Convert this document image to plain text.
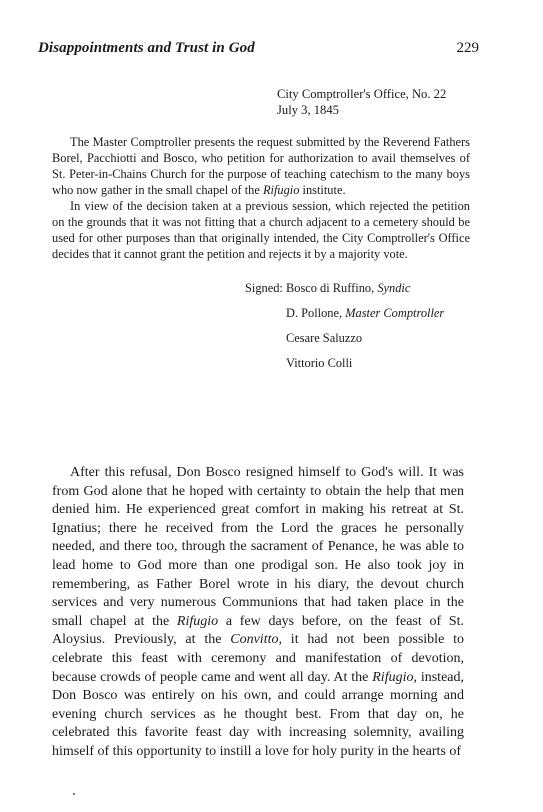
Disappointments and Trust in God	229
City Comptroller's Office, No. 22
July 3, 1845

The Master Comptroller presents the request submitted by the Reverend Fathers Borel, Pacchiotti and Bosco, who petition for authorization to avail themselves of St. Peter-in-Chains Church for the purpose of teaching catechism to the many boys who now gather in the small chapel of the Rifugio institute.

In view of the decision taken at a previous session, which rejected the petition on the grounds that it was not fitting that a church adjacent to a cemetery should be used for other purposes than that originally intended, the City Comptroller's Office decides that it cannot grant the petition and rejects it by a majority vote.

Signed: Bosco di Ruffino, Syndic
D. Pollone, Master Comptroller
Cesare Saluzzo
Vittorio Colli

After this refusal, Don Bosco resigned himself to God's will. It was from God alone that he hoped with certainty to obtain the help that men denied him. He experienced great comfort in making his retreat at St. Ignatius; there he received from the Lord the graces he personally needed, and there too, through the sacrament of Penance, he was able to lead home to God more than one prodigal son. He also took joy in remembering, as Father Borel wrote in his diary, the devout church services and very numerous Communions that had taken place in the small chapel at the Rifugio a few days before, on the feast of St. Aloysius. Previously, at the Convitto, it had not been possible to celebrate this feast with ceremony and manifestation of devotion, because crowds of people came and went all day. At the Rifugio, instead, Don Bosco was entirely on his own, and could arrange morning and evening church services as he thought best. From that day on, he celebrated this favorite feast day with increasing solemnity, availing himself of this opportunity to instill a love for holy purity in the hearts of
